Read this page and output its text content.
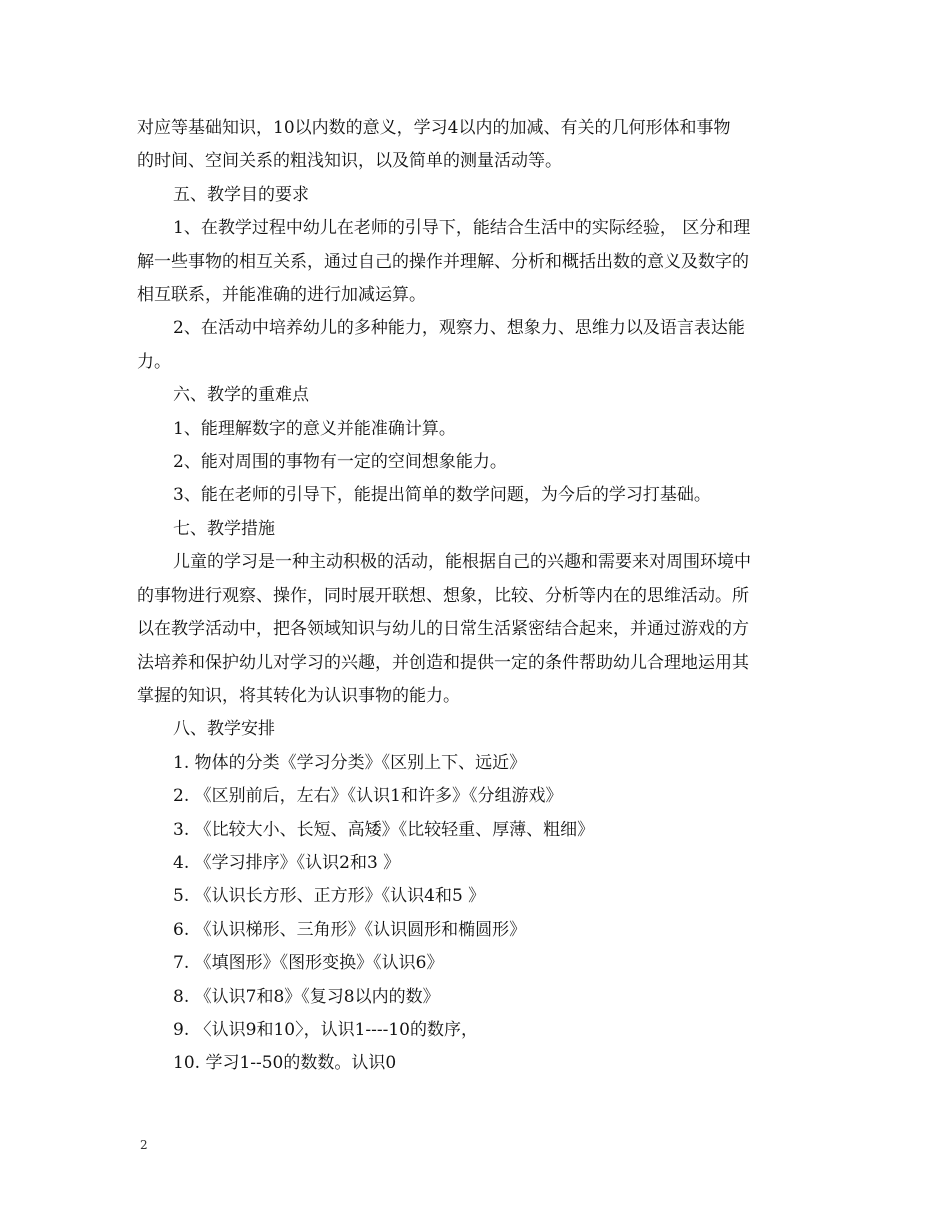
对应等基础知识，10以内数的意义，学习4以内的加减、有关的几何形体和事物

的时间、空间关系的粗浅知识，以及简单的测量活动等。

五、教学目的要求

1、在教学过程中幼儿在老师的引导下，能结合生活中的实际经验， 区分和理

解一些事物的相互关系，通过自己的操作并理解、分析和概括出数的意义及数字的

相互联系，并能准确的进行加减运算。

2、在活动中培养幼儿的多种能力，观察力、想象力、思维力以及语言表达能

力。

六、教学的重难点

1、能理解数字的意义并能准确计算。

2、能对周围的事物有一定的空间想象能力。

3、能在老师的引导下，能提出简单的数学问题，为今后的学习打基础。

七、教学措施

儿童的学习是一种主动积极的活动，能根据自己的兴趣和需要来对周围环境中

的事物进行观察、操作，同时展开联想、想象，比较、分析等内在的思维活动。所

以在教学活动中，把各领域知识与幼儿的日常生活紧密结合起来，并通过游戏的方

法培养和保护幼儿对学习的兴趣，并创造和提供一定的条件帮助幼儿合理地运用其

掌握的知识，将其转化为认识事物的能力。

八、教学安排

1. 物体的分类《学习分类》《区别上下、远近》

2. 《区别前后，左右》《认识1和许多》《分组游戏》

3. 《比较大小、长短、高矮》《比较轻重、厚薄、粗细》

4. 《学习排序》《认识2和3 》

5. 《认识长方形、正方形》《认识4和5 》

6. 《认识梯形、三角形》《认识圆形和椭圆形》

7. 《填图形》《图形变换》《认识6》

8. 《认识7和8》《复习8以内的数》

9. 〈认识9和10〉，认识1----10的数序，

10. 学习1--50的数数。认识0

2
